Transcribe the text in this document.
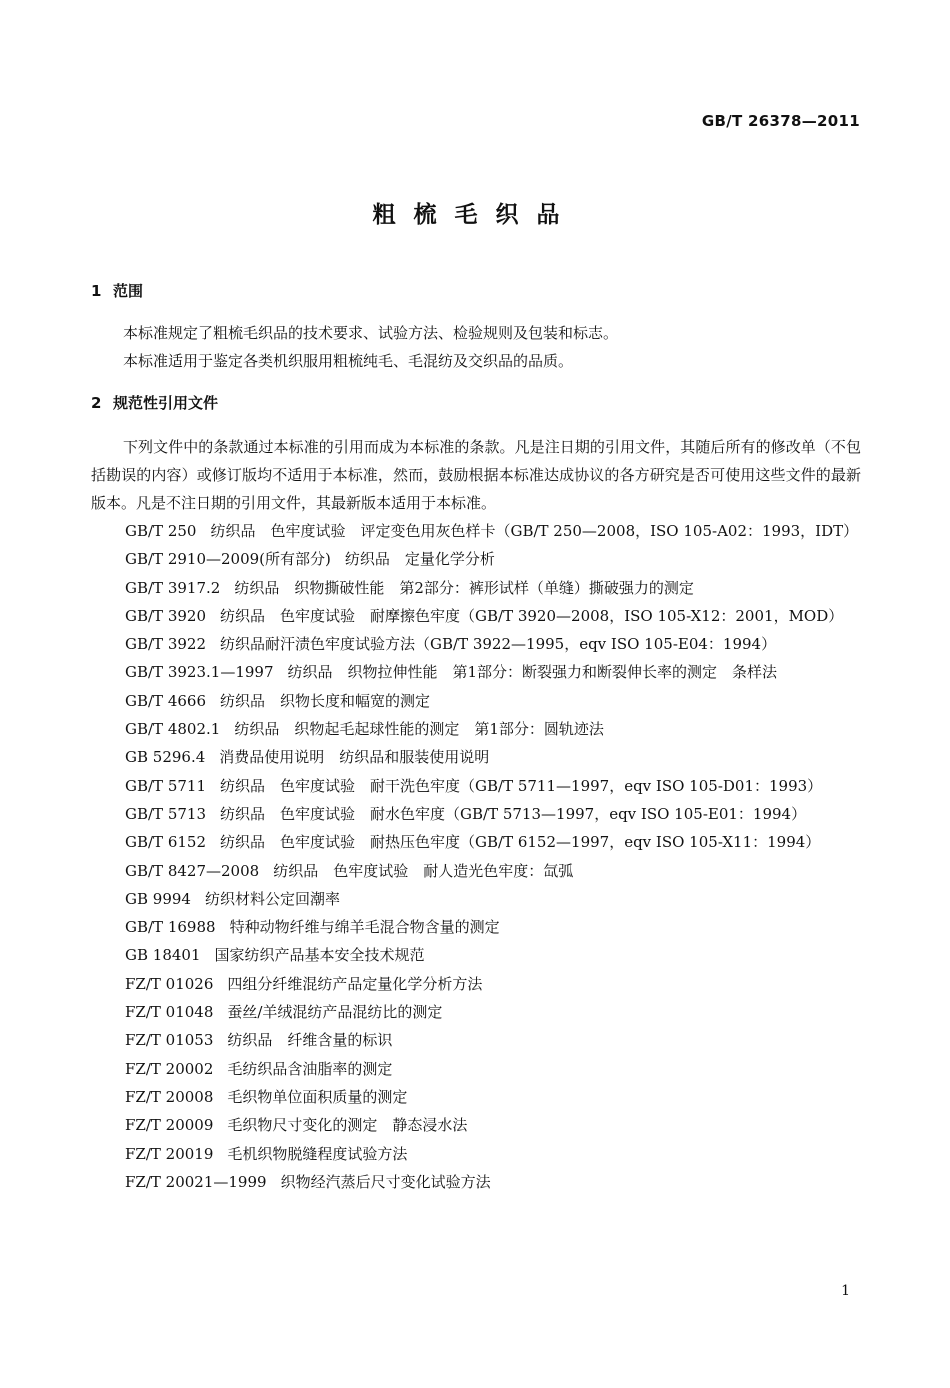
GB/T 26378—2011
粗梳毛织品
1 范围

本标准规定了粗梳毛织品的技术要求、试验方法、检验规则及包装和标志。

本标准适用于鉴定各类机织服用粗梳纯毛、毛混纺及交织品的品质。

2 规范性引用文件

下列文件中的条款通过本标准的引用而成为本标准的条款。凡是注日期的引用文件，其随后所有的修改单（不包括勘误的内容）或修订版均不适用于本标准，然而，鼓励根据本标准达成协议的各方研究是否可使用这些文件的最新版本。凡是不注日期的引用文件，其最新版本适用于本标准。

GB/T 250 纺织品　色牢度试验　评定变色用灰色样卡（GB/T 250—2008，ISO 105-A02：1993，IDT）
GB/T 2910—2009(所有部分) 纺织品　定量化学分析
GB/T 3917.2 纺织品　织物撕破性能　第2部分：裤形试样（单缝）撕破强力的测定
GB/T 3920 纺织品　色牢度试验　耐摩擦色牢度（GB/T 3920—2008，ISO 105-X12：2001，MOD）
GB/T 3922 纺织品耐汗渍色牢度试验方法（GB/T 3922—1995，eqv ISO 105-E04：1994）
GB/T 3923.1—1997 纺织品　织物拉伸性能　第1部分：断裂强力和断裂伸长率的测定　条样法
GB/T 4666 纺织品　织物长度和幅宽的测定
GB/T 4802.1 纺织品　织物起毛起球性能的测定　第1部分：圆轨迹法
GB 5296.4 消费品使用说明　纺织品和服装使用说明
GB/T 5711 纺织品　色牢度试验　耐干洗色牢度（GB/T 5711—1997，eqv ISO 105-D01：1993）
GB/T 5713 纺织品　色牢度试验　耐水色牢度（GB/T 5713—1997，eqv ISO 105-E01：1994）
GB/T 6152 纺织品　色牢度试验　耐热压色牢度（GB/T 6152—1997，eqv ISO 105-X11：1994）
GB/T 8427—2008 纺织品　色牢度试验　耐人造光色牢度：氙弧
GB 9994 纺织材料公定回潮率
GB/T 16988 特种动物纤维与绵羊毛混合物含量的测定
GB 18401 国家纺织产品基本安全技术规范
FZ/T 01026 四组分纤维混纺产品定量化学分析方法
FZ/T 01048 蚕丝/羊绒混纺产品混纺比的测定
FZ/T 01053 纺织品　纤维含量的标识
FZ/T 20002 毛纺织品含油脂率的测定
FZ/T 20008 毛织物单位面积质量的测定
FZ/T 20009 毛织物尺寸变化的测定　静态浸水法
FZ/T 20019 毛机织物脱缝程度试验方法
FZ/T 20021—1999 织物经汽蒸后尺寸变化试验方法
1
